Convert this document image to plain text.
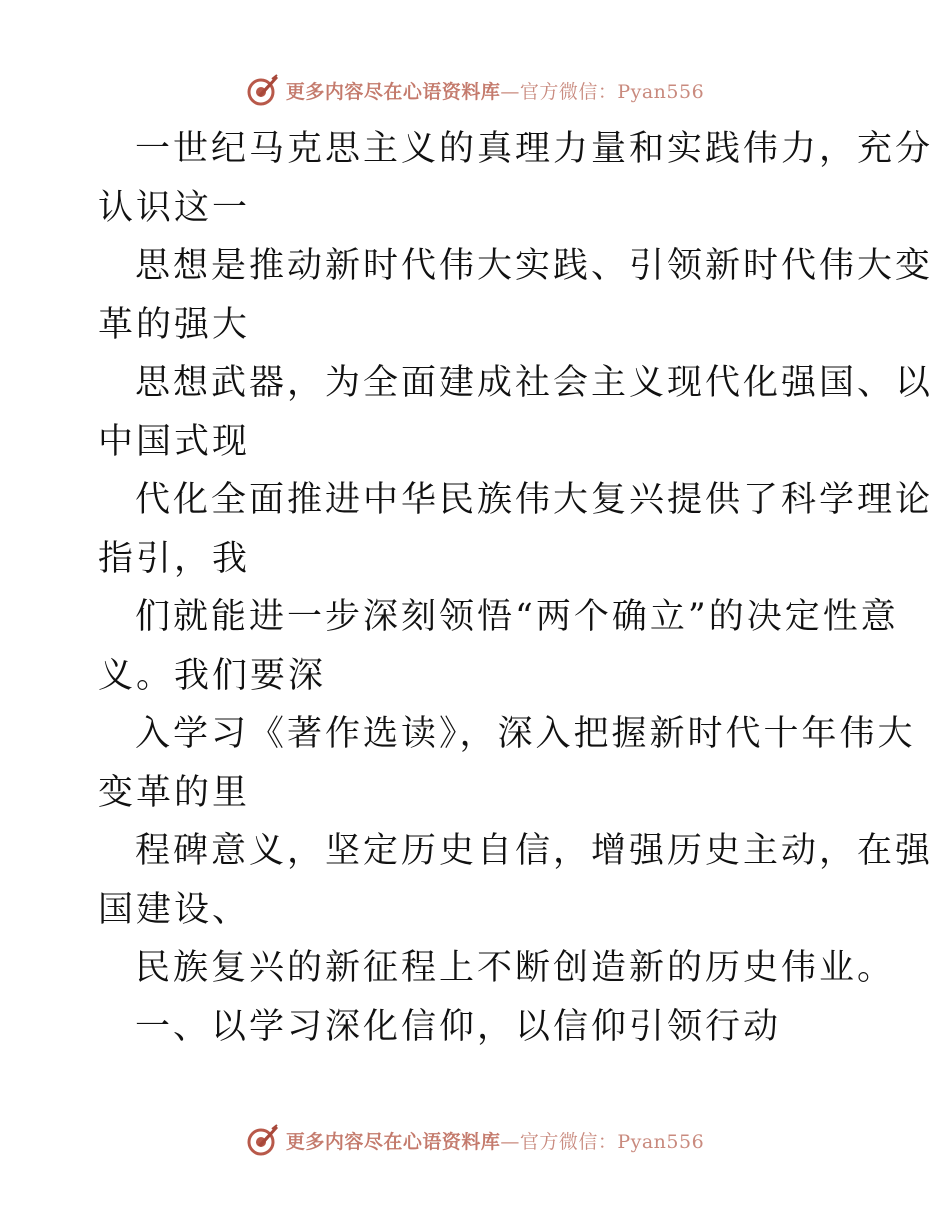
更多内容尽在心语资料库—官方微信：Pyan556
一世纪马克思主义的真理力量和实践伟力，充分
认识这一
思想是推动新时代伟大实践、引领新时代伟大变
革的强大
思想武器，为全面建成社会主义现代化强国、以
中国式现
代化全面推进中华民族伟大复兴提供了科学理论
指引，我
们就能进一步深刻领悟“两个确立”的决定性意
义。我们要深
入学习《著作选读》，深入把握新时代十年伟大
变革的里
程碑意义，坚定历史自信，增强历史主动，在强
国建设、
民族复兴的新征程上不断创造新的历史伟业。
一、以学习深化信仰，以信仰引领行动
更多内容尽在心语资料库—官方微信：Pyan556
